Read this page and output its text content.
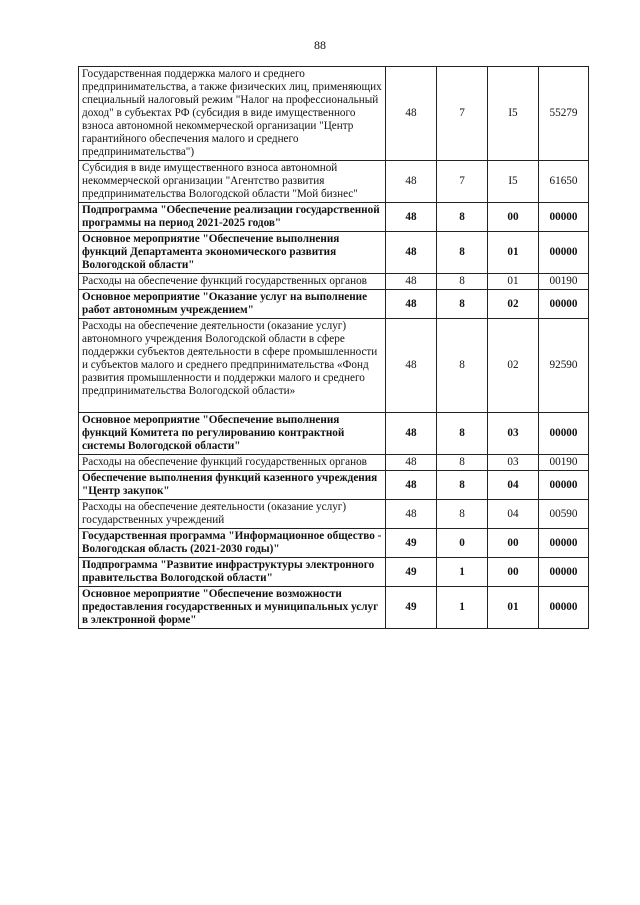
88
Государственная поддержка малого и среднего предпринимательства, а также физических лиц, применяющих специальный налоговый режим "Налог на профессиональный доход" в субъектах РФ (субсидия в виде имущественного взноса автономной некоммерческой организации "Центр гарантийного обеспечения малого и среднего предпринимательства")	48	7	I5	55279
Субсидия в виде имущественного взноса автономной некоммерческой организации "Агентство развития предпринимательства Вологодской области "Мой бизнес"	48	7	I5	61650
Подпрограмма "Обеспечение реализации государственной программы на период 2021-2025 годов"	48	8	00	00000
Основное мероприятие "Обеспечение выполнения функций Департамента экономического развития Вологодской области"	48	8	01	00000
Расходы на обеспечение функций государственных органов	48	8	01	00190
Основное мероприятие "Оказание услуг на выполнение работ автономным учреждением"	48	8	02	00000
Расходы на обеспечение деятельности (оказание услуг) автономного учреждения Вологодской области в сфере поддержки субъектов деятельности в сфере промышленности и субъектов малого и среднего предпринимательства «Фонд развития промышленности и поддержки малого и среднего предпринимательства Вологодской области»	48	8	02	92590
Основное мероприятие "Обеспечение выполнения функций Комитета по регулированию контрактной системы Вологодской области"	48	8	03	00000
Расходы на обеспечение функций государственных органов	48	8	03	00190
Обеспечение выполнения функций казенного учреждения "Центр закупок"	48	8	04	00000
Расходы на обеспечение деятельности (оказание услуг) государственных учреждений	48	8	04	00590
Государственная программа "Информационное общество - Вологодская область (2021-2030 годы)"	49	0	00	00000
Подпрограмма "Развитие инфраструктуры электронного правительства Вологодской области"	49	1	00	00000
Основное мероприятие "Обеспечение возможности предоставления государственных и муниципальных услуг в электронной форме"	49	1	01	00000
